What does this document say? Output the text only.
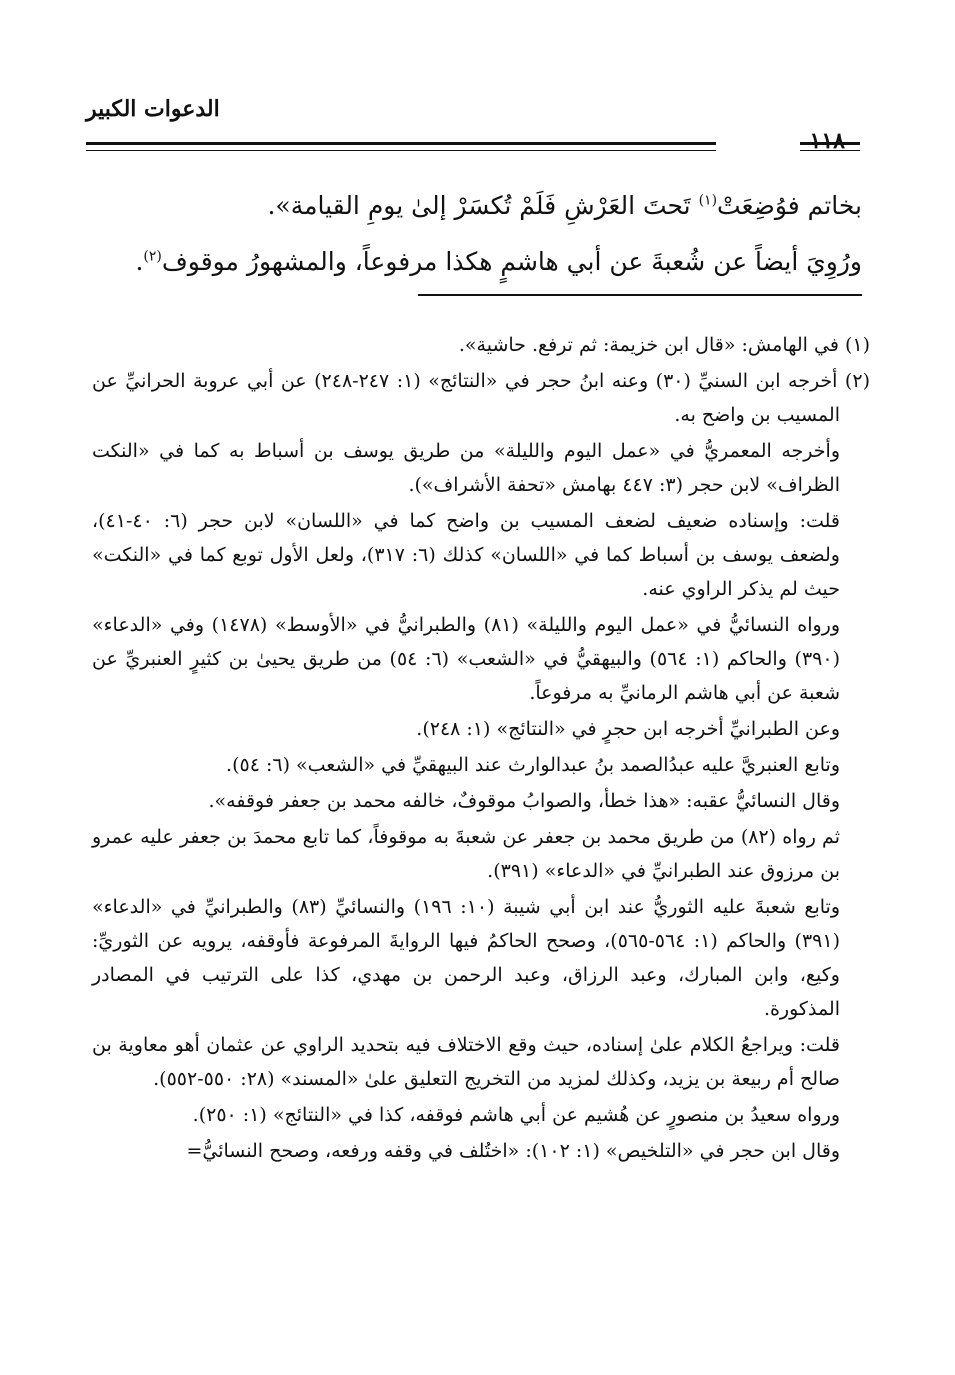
الدعوات الكبير
١١٨

بخاتم فوُضِعَتْ$^{(١)}$ تَحتَ العَرْشِ فَلَمْ تُكسَرْ إلىٰ يومِ القيامة».

ورُوِيَ أيضاً عن شُعبةَ عن أبي هاشمٍ هكذا مرفوعاً، والمشهورُ موقوف$^{(٢)}$.

(١) في الهامش: «قال ابن خزيمة: ثم ترفع. حاشية».

(٢) أخرجه ابن السنيِّ (٣٠) وعنه ابنُ حجر في «النتائج» (١: ٢٤٧-٢٤٨) عن أبي عروبة الحرانيِّ عن المسيب بن واضح به.

وأخرجه المعمريُّ في «عمل اليوم والليلة» من طريق يوسف بن أسباط به كما في «النكت الظراف» لابن حجر (٣: ٤٤٧ بهامش «تحفة الأشراف»).

قلت: وإسناده ضعيف لضعف المسيب بن واضح كما في «اللسان» لابن حجر (٦: ٤٠-٤١)، ولضعف يوسف بن أسباط كما في «اللسان» كذلك (٦: ٣١٧)، ولعل الأول توبع كما في «النكت» حيث لم يذكر الراوي عنه.

ورواه النسائيُّ في «عمل اليوم والليلة» (٨١) والطبرانيُّ في «الأوسط» (١٤٧٨) وفي «الدعاء» (٣٩٠) والحاكم (١: ٥٦٤) والبيهقيُّ في «الشعب» (٦: ٥٤) من طريق يحيىٰ بن كثيرٍ العنبريِّ عن شعبة عن أبي هاشم الرمانيِّ به مرفوعاً.

وعن الطبرانيِّ أخرجه ابن حجرٍ في «النتائج» (١: ٢٤٨).

وتابع العنبريَّ عليه عبدُالصمد بنُ عبدالوارث عند البيهقيِّ في «الشعب» (٦: ٥٤).

وقال النسائيُّ عقبه: «هذا خطأ، والصوابُ موقوفٌ، خالفه محمد بن جعفر فوقفه».

ثم رواه (٨٢) من طريق محمد بن جعفر عن شعبةَ به موقوفاً، كما تابع محمدَ بن جعفر عليه عمرو بن مرزوق عند الطبرانيِّ في «الدعاء» (٣٩١).

وتابع شعبةَ عليه الثوريُّ عند ابن أبي شيبة (١٠: ١٩٦) والنسائيِّ (٨٣) والطبرانيِّ في «الدعاء» (٣٩١) والحاكم (١: ٥٦٤-٥٦٥)، وصحح الحاكمُ فيها الروايةَ المرفوعة فأوقفه، يرويه عن الثوريِّ: وكيع، وابن المبارك، وعبد الرزاق، وعبد الرحمن بن مهدي، كذا على الترتيب في المصادر المذكورة.

قلت: ويراجعُ الكلام علىٰ إسناده، حيث وقع الاختلاف فيه بتحديد الراوي عن عثمان أهو معاوية بن صالح أم ربيعة بن يزيد، وكذلك لمزيد من التخريج التعليق علىٰ «المسند» (٢٨: ٥٥٠-٥٥٢).

ورواه سعيدُ بن منصورٍ عن هُشيم عن أبي هاشم فوقفه، كذا في «النتائج» (١: ٢٥٠).

وقال ابن حجر في «التلخيص» (١: ١٠٢): «اختُلف في وقفه ورفعه، وصحح النسائيُّ=
